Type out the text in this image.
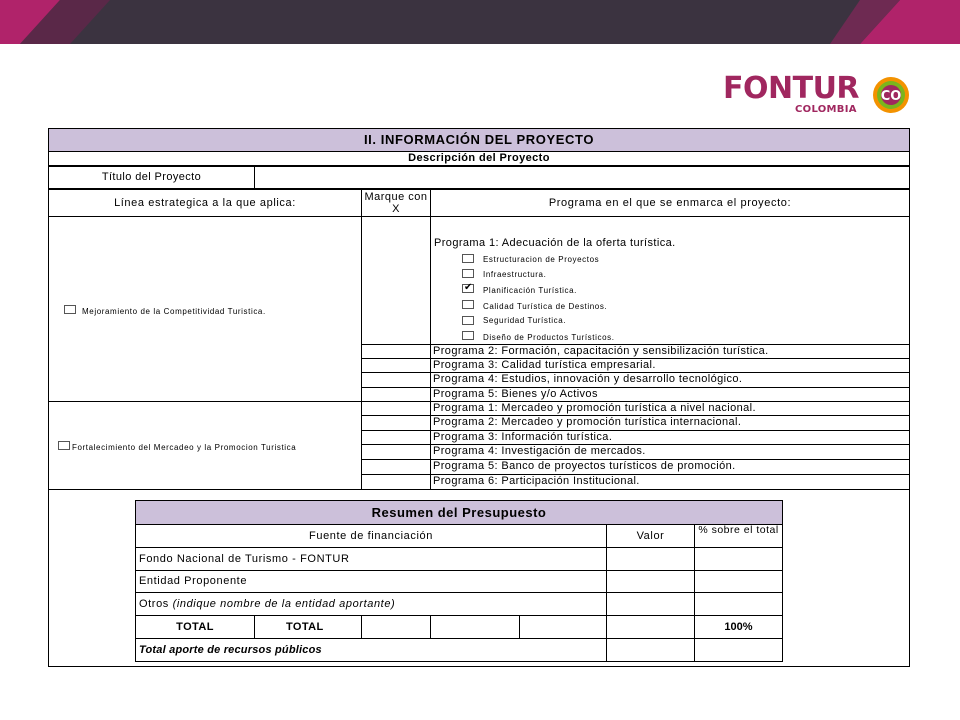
FONTUR
COLOMBIA
CO
II. INFORMACIÓN DEL PROYECTO
Descripción del Proyecto
Título del Proyecto
Línea estrategica a la que aplica:	Marque con X	Programa en el que se enmarca el proyecto:
Mejoramiento de la Competitividad Turistica.
Programa 1: Adecuación de la oferta turística.
Estructuracion de Proyectos
Infraestructura.
✔ Planificación Turística.
Calidad Turística de Destinos.
Seguridad Turística.
Diseño de Productos Turísticos.
Programa 2: Formación, capacitación y sensibilización turística.
Programa 3: Calidad turística empresarial.
Programa 4: Estudios, innovación y desarrollo tecnológico.
Programa 5: Bienes y/o Activos
Fortalecimiento del Mercadeo y la Promocion Turistica
Programa 1: Mercadeo y promoción turística a nivel nacional.
Programa 2: Mercadeo y promoción turística internacional.
Programa 3: Información turística.
Programa 4: Investigación de mercados.
Programa 5: Banco de proyectos turísticos de promoción.
Programa 6: Participación Institucional.
Resumen del Presupuesto
Fuente de financiación	Valor	% sobre el total
Fondo Nacional de Turismo - FONTUR
Entidad Proponente
Otros (indique nombre de la entidad aportante)
TOTAL	TOTAL	100%
Total aporte de recursos públicos
